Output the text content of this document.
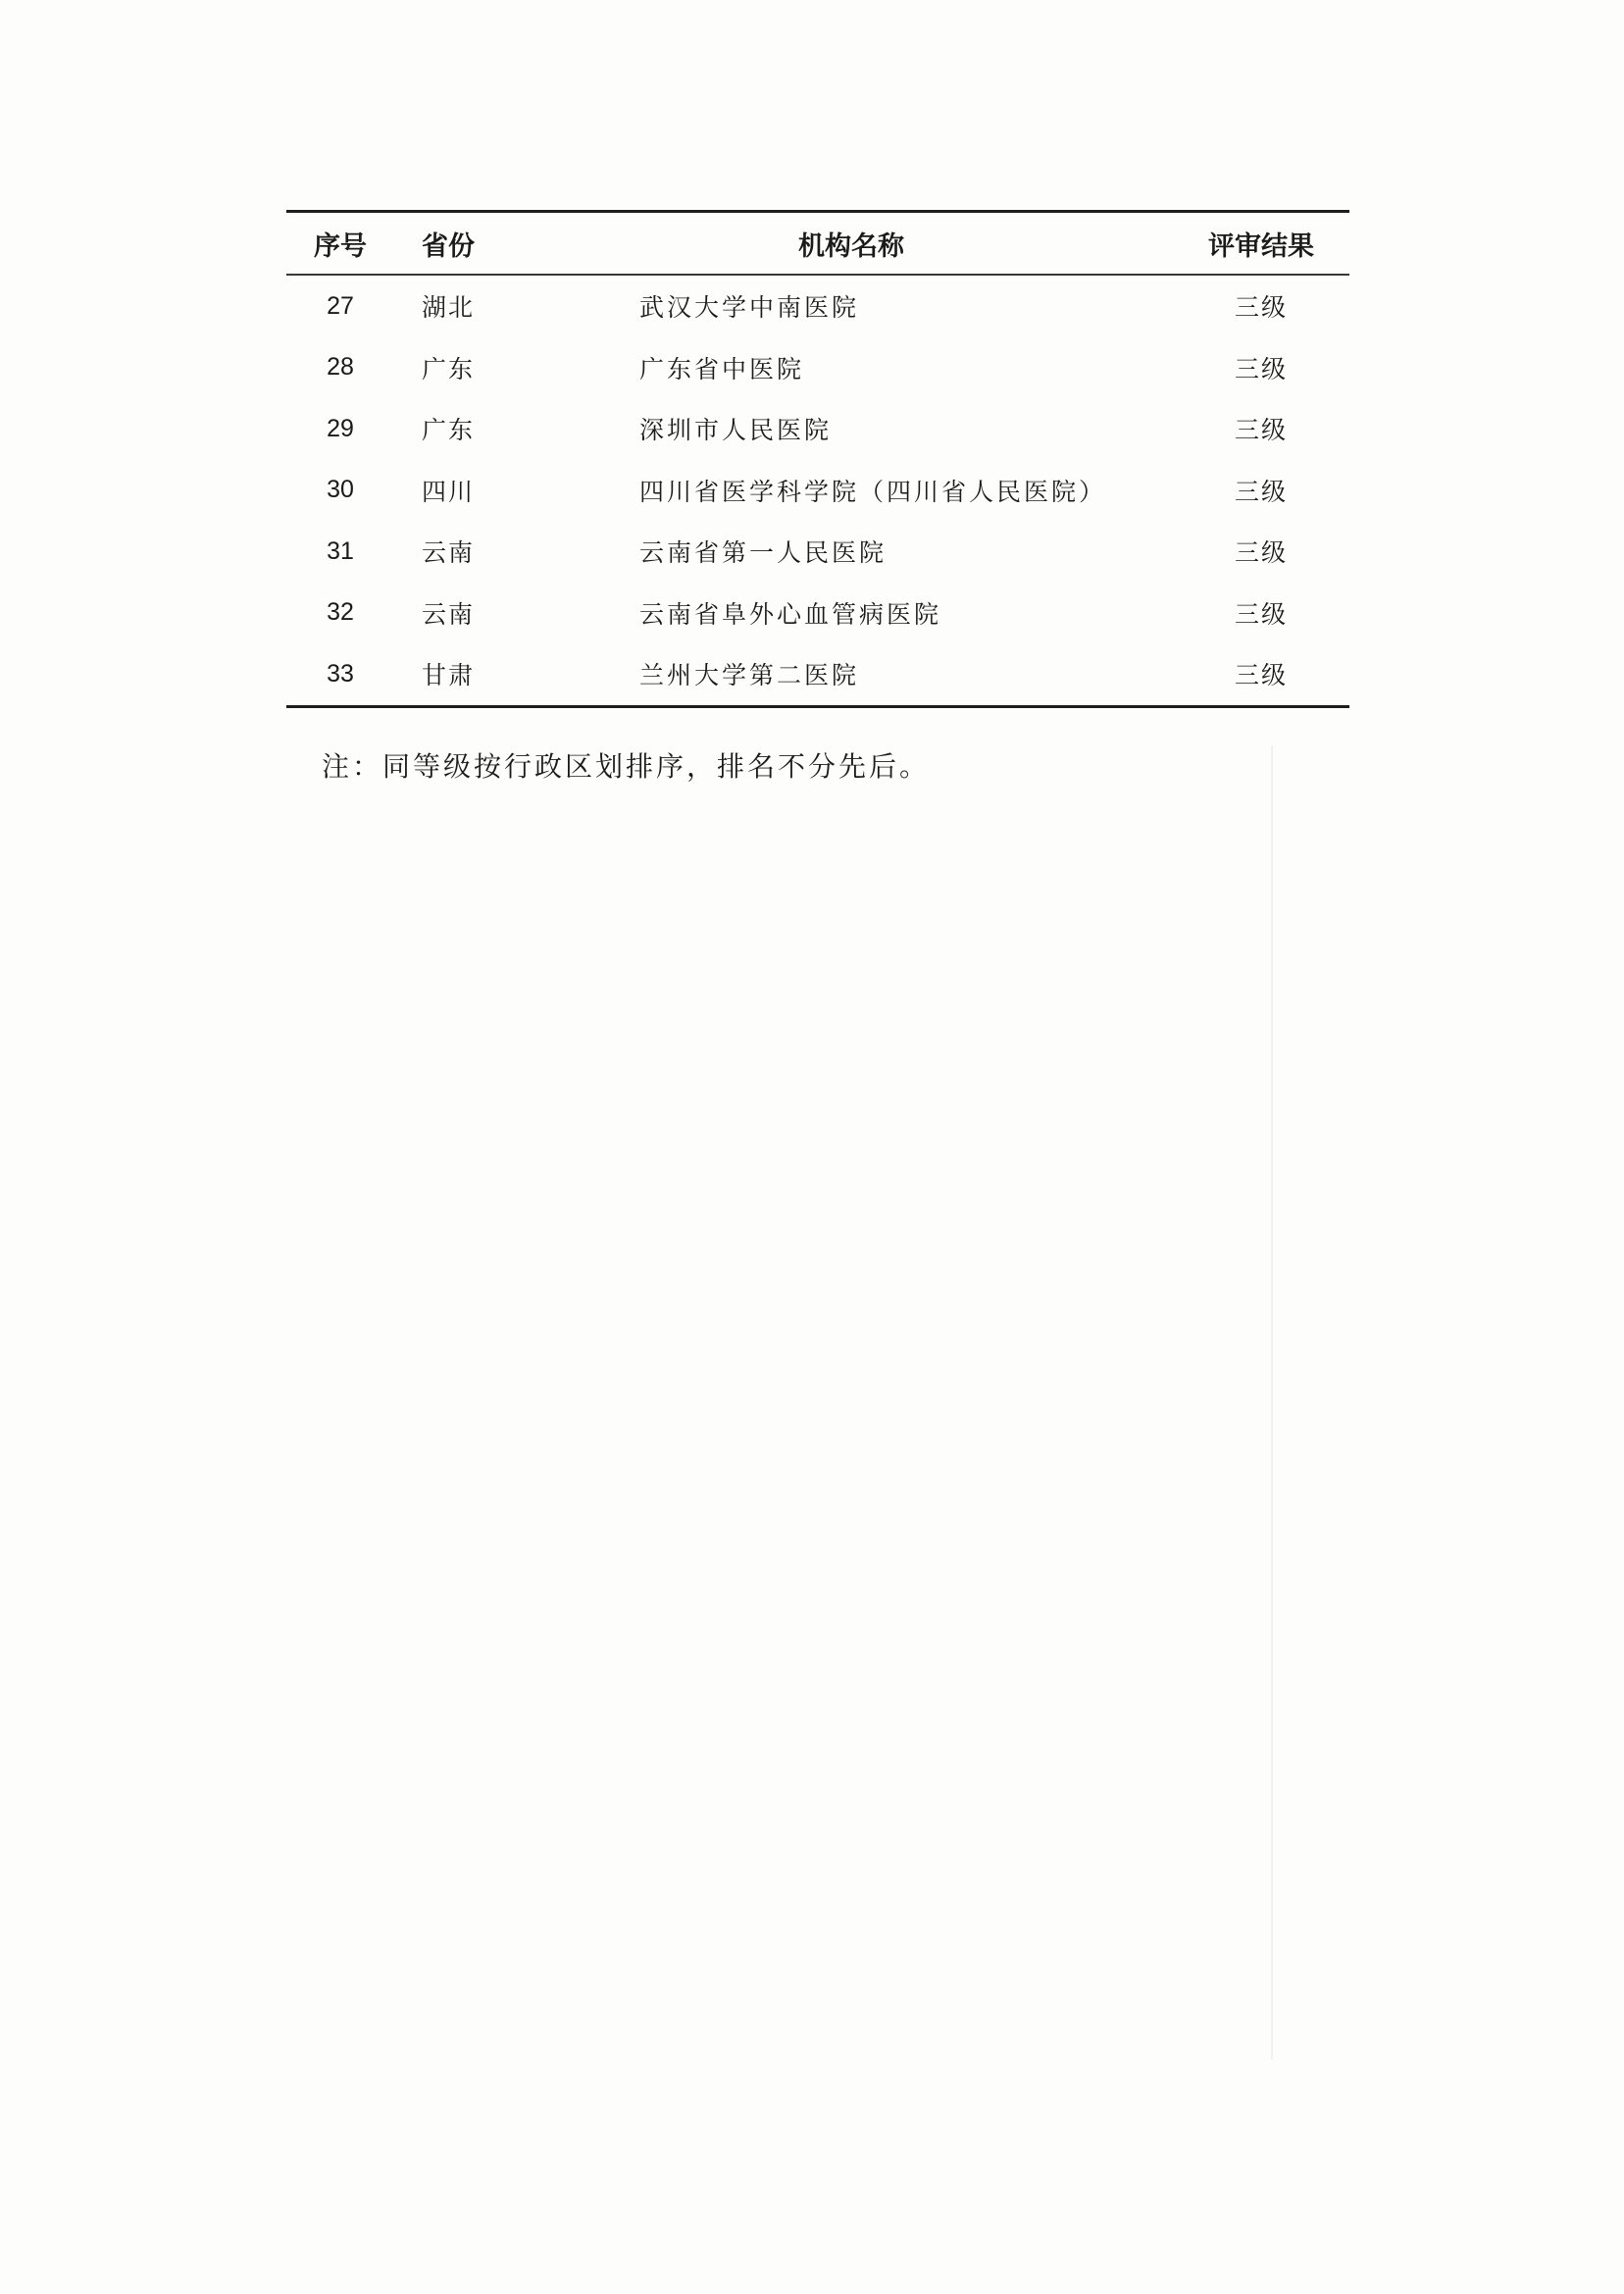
序号	省份	机构名称	评审结果
27	湖北	武汉大学中南医院	三级
28	广东	广东省中医院	三级
29	广东	深圳市人民医院	三级
30	四川	四川省医学科学院（四川省人民医院）	三级
31	云南	云南省第一人民医院	三级
32	云南	云南省阜外心血管病医院	三级
33	甘肃	兰州大学第二医院	三级
注：同等级按行政区划排序，排名不分先后。
